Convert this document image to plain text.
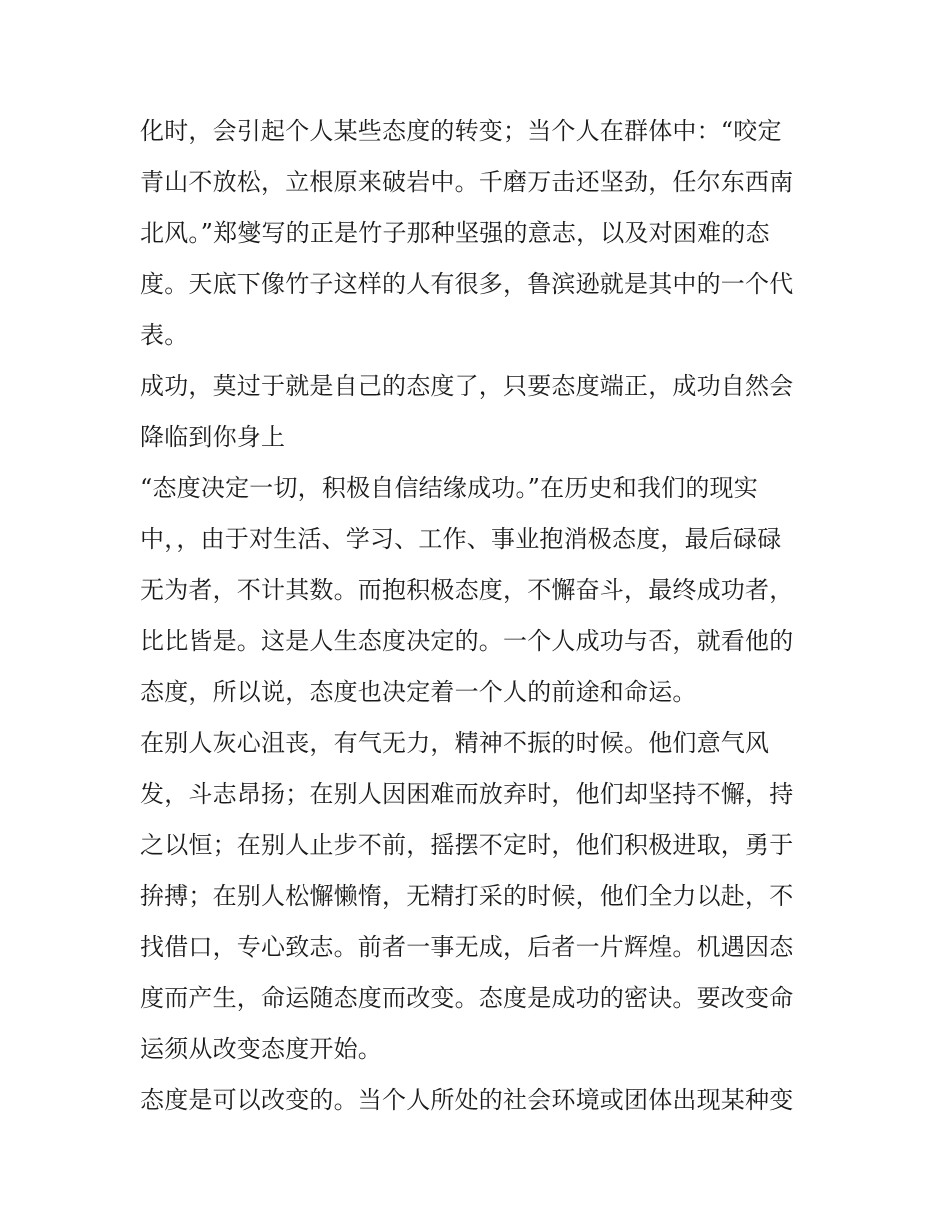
化时，会引起个人某些态度的转变；当个人在群体中：“咬定
青山不放松，立根原来破岩中。千磨万击还坚劲，任尔东西南
北风。”郑燮写的正是竹子那种坚强的意志，以及对困难的态
度。天底下像竹子这样的人有很多，鲁滨逊就是其中的一个代
表。
成功，莫过于就是自己的态度了，只要态度端正，成功自然会
降临到你身上
“态度决定一切，积极自信结缘成功。”在历史和我们的现实
中，，由于对生活、学习、工作、事业抱消极态度，最后碌碌
无为者，不计其数。而抱积极态度，不懈奋斗，最终成功者，
比比皆是。这是人生态度决定的。一个人成功与否，就看他的
态度，所以说，态度也决定着一个人的前途和命运。
在别人灰心沮丧，有气无力，精神不振的时候。他们意气风
发，斗志昂扬；在别人因困难而放弃时，他们却坚持不懈，持
之以恒；在别人止步不前，摇摆不定时，他们积极进取，勇于
拚搏；在别人松懈懒惰，无精打采的时候，他们全力以赴，不
找借口，专心致志。前者一事无成，后者一片辉煌。机遇因态
度而产生，命运随态度而改变。态度是成功的密诀。要改变命
运须从改变态度开始。
态度是可以改变的。当个人所处的社会环境或团体出现某种变
